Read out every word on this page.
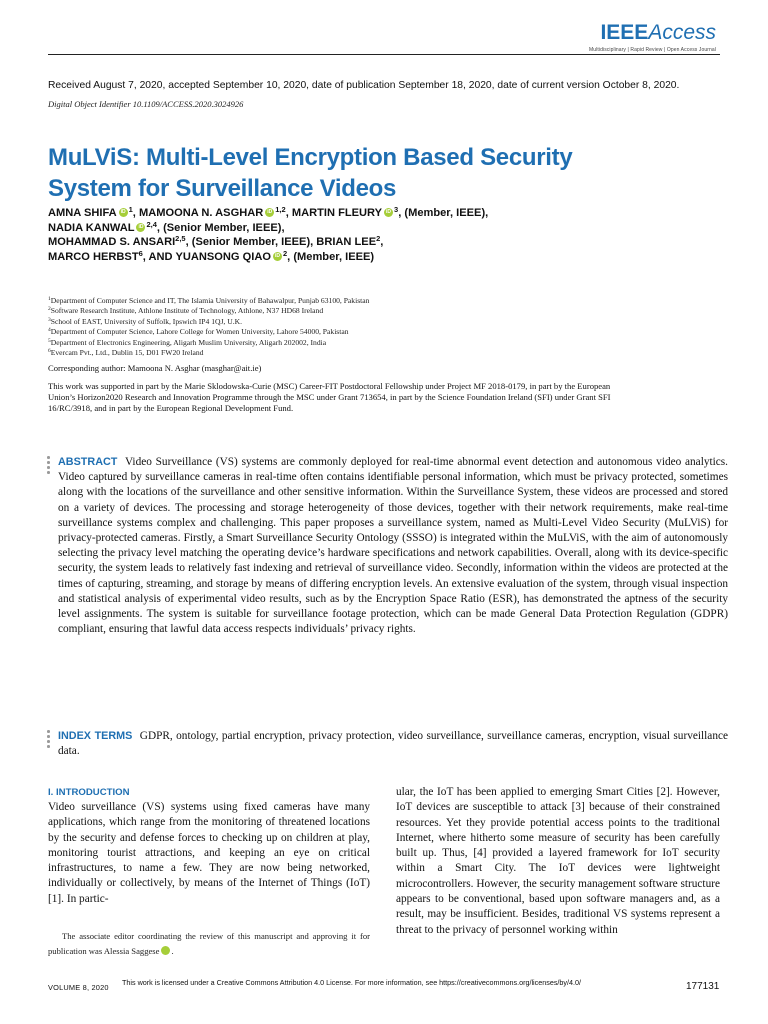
IEEEAccess
Multidisciplinary | Rapid Review | Open Access Journal
Received August 7, 2020, accepted September 10, 2020, date of publication September 18, 2020, date of current version October 8, 2020.
Digital Object Identifier 10.1109/ACCESS.2020.3024926
MuLViS: Multi-Level Encryption Based Security
System for Surveillance Videos
AMNA SHIFA iD $^1$, MAMOONA N. ASGHAR iD $^{1,2}$, MARTIN FLEURY iD $^3$, (Member, IEEE),
NADIA KANWAL iD $^{2,4}$, (Senior Member, IEEE),
MOHAMMAD S. ANSARI$^{2,5}$, (Senior Member, IEEE), BRIAN LEE$^2$,
MARCO HERBST$^6$, AND YUANSONG QIAO iD $^2$, (Member, IEEE)
$^1$Department of Computer Science and IT, The Islamia University of Bahawalpur, Punjab 63100, Pakistan
$^2$Software Research Institute, Athlone Institute of Technology, Athlone, N37 HD68 Ireland
$^3$School of EAST, University of Suffolk, Ipswich IP4 1QJ, U.K.
$^4$Department of Computer Science, Lahore College for Women University, Lahore 54000, Pakistan
$^5$Department of Electronics Engineering, Aligarh Muslim University, Aligarh 202002, India
$^6$Evercam Pvt., Ltd., Dublin 15, D01 FW20 Ireland
Corresponding author: Mamoona N. Asghar (masghar@ait.ie)
This work was supported in part by the Marie Sklodowska-Curie (MSC) Career-FIT Postdoctoral Fellowship under Project MF 2018-0179, in part by the European Union’s Horizon2020 Research and Innovation Programme through the MSC under Grant 713654, in part by the Science Foundation Ireland (SFI) under Grant SFI 16/RC/3918, and in part by the European Regional Development Fund.
ABSTRACT Video Surveillance (VS) systems are commonly deployed for real-time abnormal event detection and autonomous video analytics. Video captured by surveillance cameras in real-time often contains identifiable personal information, which must be privacy protected, sometimes along with the locations of the surveillance and other sensitive information. Within the Surveillance System, these videos are processed and stored on a variety of devices. The processing and storage heterogeneity of those devices, together with their network requirements, make real-time surveillance systems complex and challenging. This paper proposes a surveillance system, named as Multi-Level Video Security (MuLViS) for privacy-protected cameras. Firstly, a Smart Surveillance Security Ontology (SSSO) is integrated within the MuLViS, with the aim of autonomously selecting the privacy level matching the operating device’s hardware specifications and network capabilities. Overall, along with its device-specific security, the system leads to relatively fast indexing and retrieval of surveillance video. Secondly, information within the videos are protected at the times of capturing, streaming, and storage by means of differing encryption levels. An extensive evaluation of the system, through visual inspection and statistical analysis of experimental video results, such as by the Encryption Space Ratio (ESR), has demonstrated the aptness of the security level assignments. The system is suitable for surveillance footage protection, which can be made General Data Protection Regulation (GDPR) compliant, ensuring that lawful data access respects individuals’ privacy rights.
INDEX TERMS GDPR, ontology, partial encryption, privacy protection, video surveillance, surveillance cameras, encryption, visual surveillance data.
I. INTRODUCTION
Video surveillance (VS) systems using fixed cameras have many applications, which range from the monitoring of threatened locations by the security and defense forces to checking up on children at play, monitoring tourist attractions, and keeping an eye on critical infrastructures, to name a few. They are now being networked, individually or collectively, by means of the Internet of Things (IoT) [1]. In partic-
ular, the IoT has been applied to emerging Smart Cities [2]. However, IoT devices are susceptible to attack [3] because of their constrained resources. Yet they provide potential access points to the traditional Internet, where hitherto some measure of security has been carefully built up. Thus, [4] provided a layered framework for IoT security within a Smart City. The IoT devices were lightweight microcontrollers. However, the security management software structure appears to be conventional, based upon software managers and, as a result, may be insufficient. Besides, traditional VS systems represent a threat to the privacy of personnel working within
The associate editor coordinating the review of this manuscript and approving it for publication was Alessia Saggese	iD.
VOLUME 8, 2020
This work is licensed under a Creative Commons Attribution 4.0 License. For more information, see https://creativecommons.org/licenses/by/4.0/	177131
